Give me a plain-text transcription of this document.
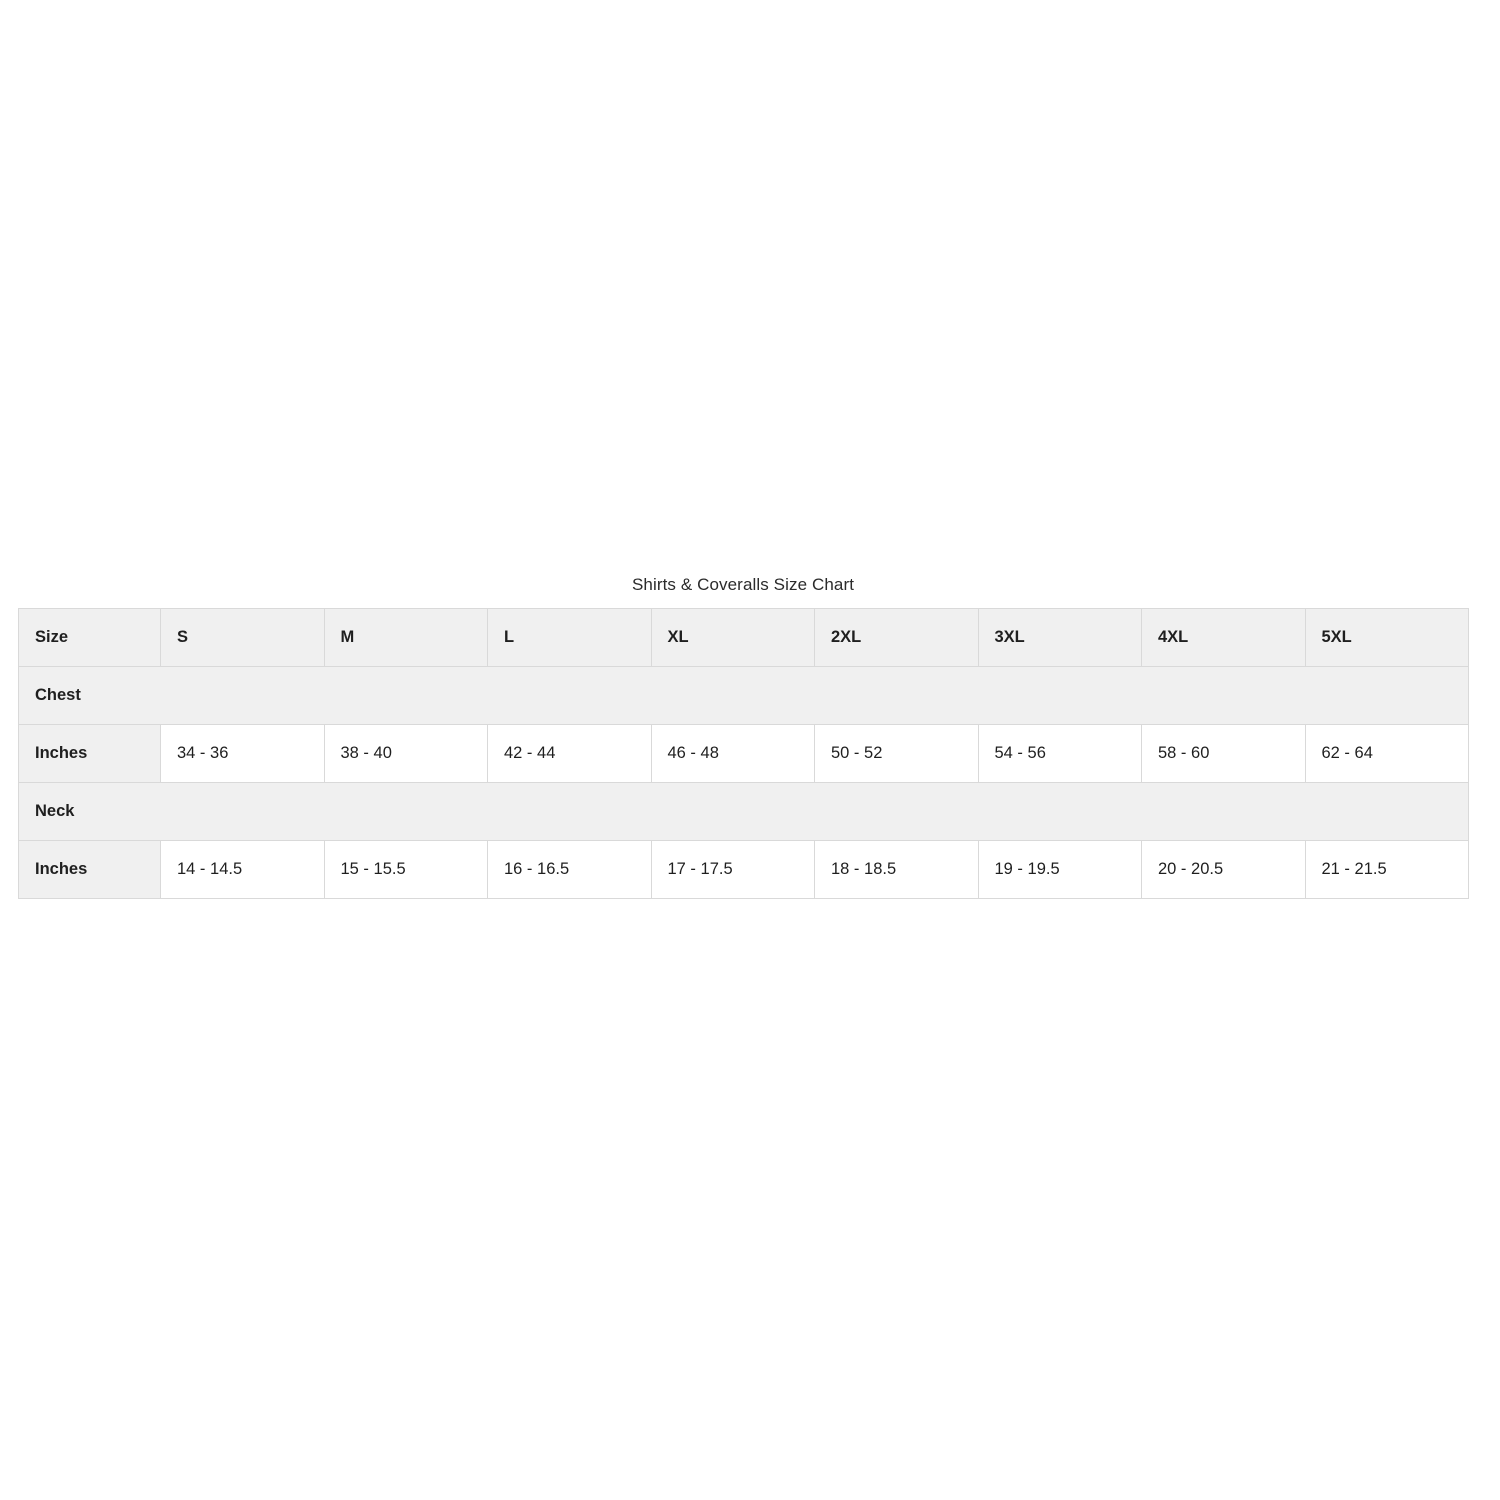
Shirts & Coveralls Size Chart
Size	S	M	L	XL	2XL	3XL	4XL	5XL
Chest								
Inches	34 - 36	38 - 40	42 - 44	46 - 48	50 - 52	54 - 56	58 - 60	62 - 64
Neck								
Inches	14 - 14.5	15 - 15.5	16 - 16.5	17 - 17.5	18 - 18.5	19 - 19.5	20 - 20.5	21 - 21.5
